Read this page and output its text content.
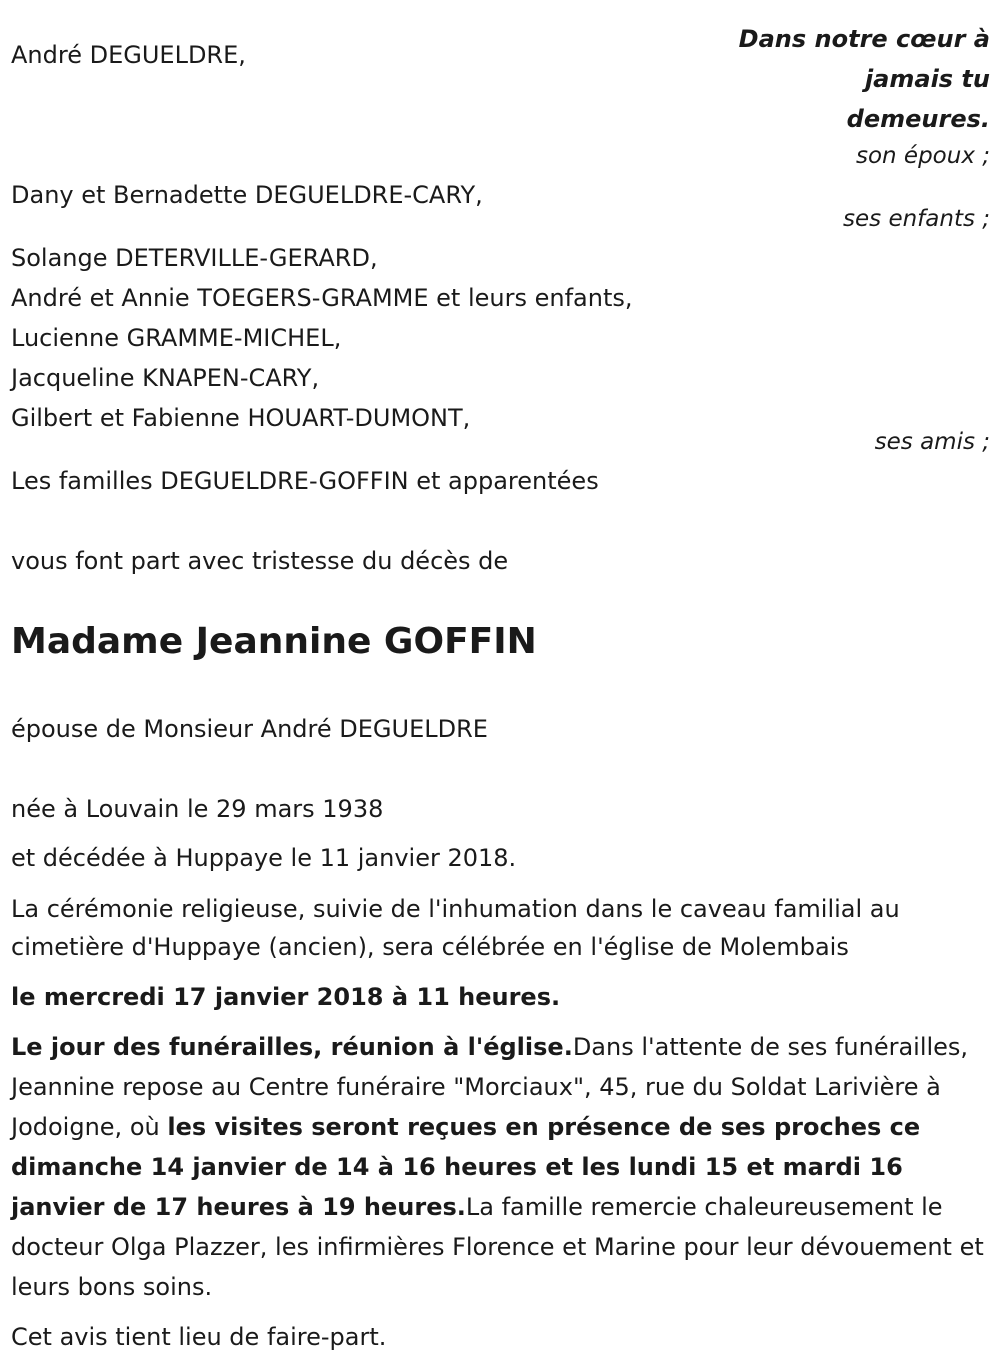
Dans notre cœur à
jamais tu
demeures.
André DEGUELDRE,
son époux ;
Dany et Bernadette DEGUELDRE-CARY,
ses enfants ;
Solange DETERVILLE-GERARD,
André et Annie TOEGERS-GRAMME et leurs enfants,
Lucienne GRAMME-MICHEL,
Jacqueline KNAPEN-CARY,
Gilbert et Fabienne HOUART-DUMONT,
ses amis ;
Les familles DEGUELDRE-GOFFIN et apparentées
vous font part avec tristesse du décès de
Madame Jeannine GOFFIN
épouse de Monsieur André DEGUELDRE
née à Louvain le 29 mars 1938
et décédée à Huppaye le 11 janvier 2018.
La cérémonie religieuse, suivie de l'inhumation dans le caveau familial au
cimetière d'Huppaye (ancien), sera célébrée en l'église de Molembais
le mercredi 17 janvier 2018 à 11 heures.
Le jour des funérailles, réunion à l'église.Dans l'attente de ses funérailles, Jeannine repose au Centre funéraire "Morciaux", 45, rue du Soldat Larivière à Jodoigne, où les visites seront reçues en présence de ses proches ce dimanche 14 janvier de 14 à 16 heures et les lundi 15 et mardi 16 janvier de 17 heures à 19 heures.La famille remercie chaleureusement le docteur Olga Plazzer, les infirmières Florence et Marine pour leur dévouement et leurs bons soins.
Cet avis tient lieu de faire-part.
